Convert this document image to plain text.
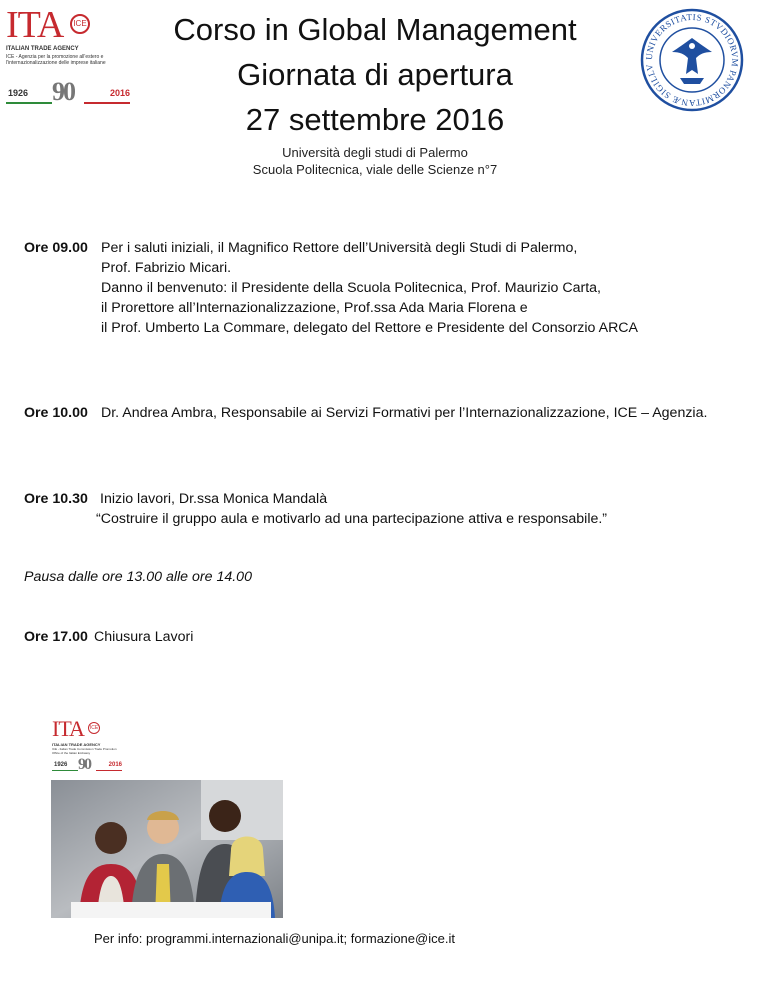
ITA	ICE
ITALIAN TRADE AGENCY
ICE - Agenzia per la promozione all'estero e l'internazionalizzazione delle imprese italiane
1926 90	2016
UNIVERSITATIS STVDIORVM PANORMITANÆ SIGILLV
Corso in Global Management
Giornata di apertura
27 settembre 2016
Università degli studi di Palermo
Scuola Politecnica, viale delle Scienze n°7
Ore 09.00 Per i saluti iniziali, il Magnifico Rettore dell’Università degli Studi di Palermo,
Prof. Fabrizio Micari.
Danno il benvenuto: il Presidente della Scuola Politecnica, Prof. Maurizio Carta,
il Prorettore all’Internazionalizzazione, Prof.ssa Ada Maria Florena e
il Prof. Umberto La Commare, delegato del Rettore e Presidente del Consorzio ARCA
Ore 10.00 Dr. Andrea Ambra, Responsabile ai Servizi Formativi per l’Internazionalizzazione, ICE – Agenzia.
Ore 10.30 Inizio lavori, Dr.ssa Monica Mandalà
“Costruire il gruppo aula e motivarlo ad una partecipazione attiva e responsabile.”
Pausa dalle ore 13.00 alle ore 14.00
Ore 17.00 Chiusura Lavori
ITA	ICE
ITALIAN TRADE AGENCY
ICE - Italian Trade Commission Trade Promotion Office of the Italian Embassy
1926 90	2016
Per info: programmi.internazionali@unipa.it; formazione@ice.it
